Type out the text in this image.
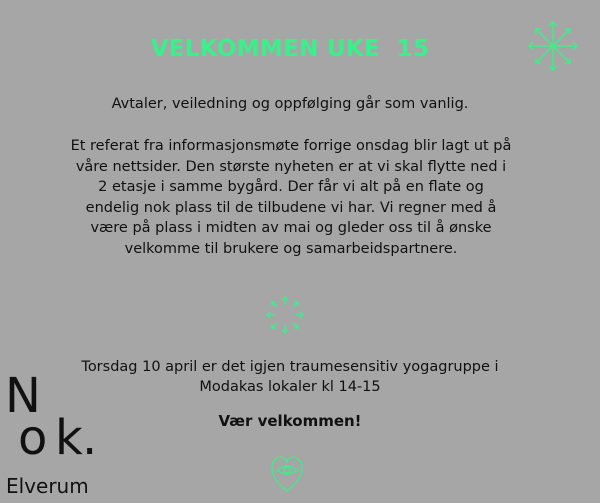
VELKOMMEN UKE  15
Avtaler, veiledning og oppfølging går som vanlig.
Et referat fra informasjonsmøte forrige onsdag blir lagt ut på våre nettsider. Den største nyheten er at vi skal flytte ned i 2 etasje i samme bygård. Der får vi alt på en flate og endelig nok plass til de tilbudene vi har. Vi regner med å være på plass i midten av mai og gleder oss til å ønske velkomme til brukere og samarbeidspartnere.
Torsdag 10 april er det igjen traumesensitiv yogagruppe i Modakas lokaler kl 14-15
Vær velkommen!
N
o k .
Elverum
